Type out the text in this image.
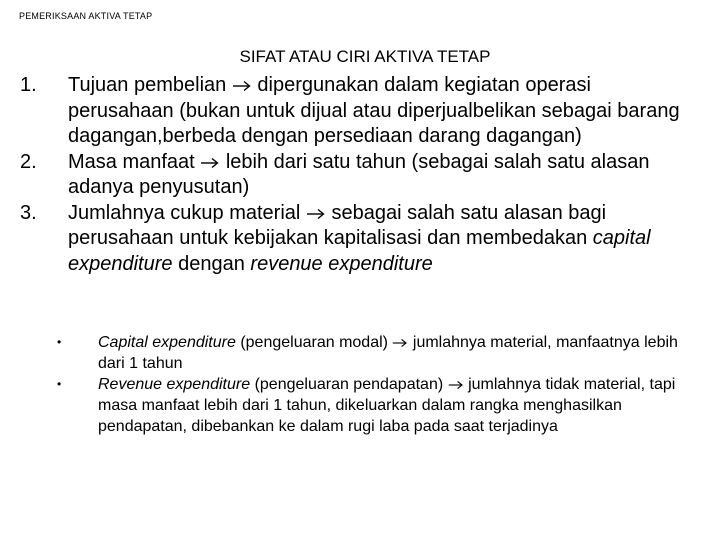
PEMERIKSAAN AKTIVA TETAP
SIFAT ATAU CIRI AKTIVA TETAP
1. Tujuan pembelian dipergunakan dalam kegiatan operasi perusahaan (bukan untuk dijual atau diperjualbelikan sebagai barang dagangan,berbeda dengan persediaan darang dagangan)
2. Masa manfaat lebih dari satu tahun (sebagai salah satu alasan adanya penyusutan)
3. Jumlahnya cukup material sebagai salah satu alasan bagi perusahaan untuk kebijakan kapitalisasi dan membedakan capital expenditure dengan revenue expenditure
• Capital expenditure (pengeluaran modal) jumlahnya material, manfaatnya lebih dari 1 tahun
• Revenue expenditure (pengeluaran pendapatan) jumlahnya tidak material, tapi masa manfaat lebih dari 1 tahun, dikeluarkan dalam rangka menghasilkan pendapatan, dibebankan ke dalam rugi laba pada saat terjadinya
